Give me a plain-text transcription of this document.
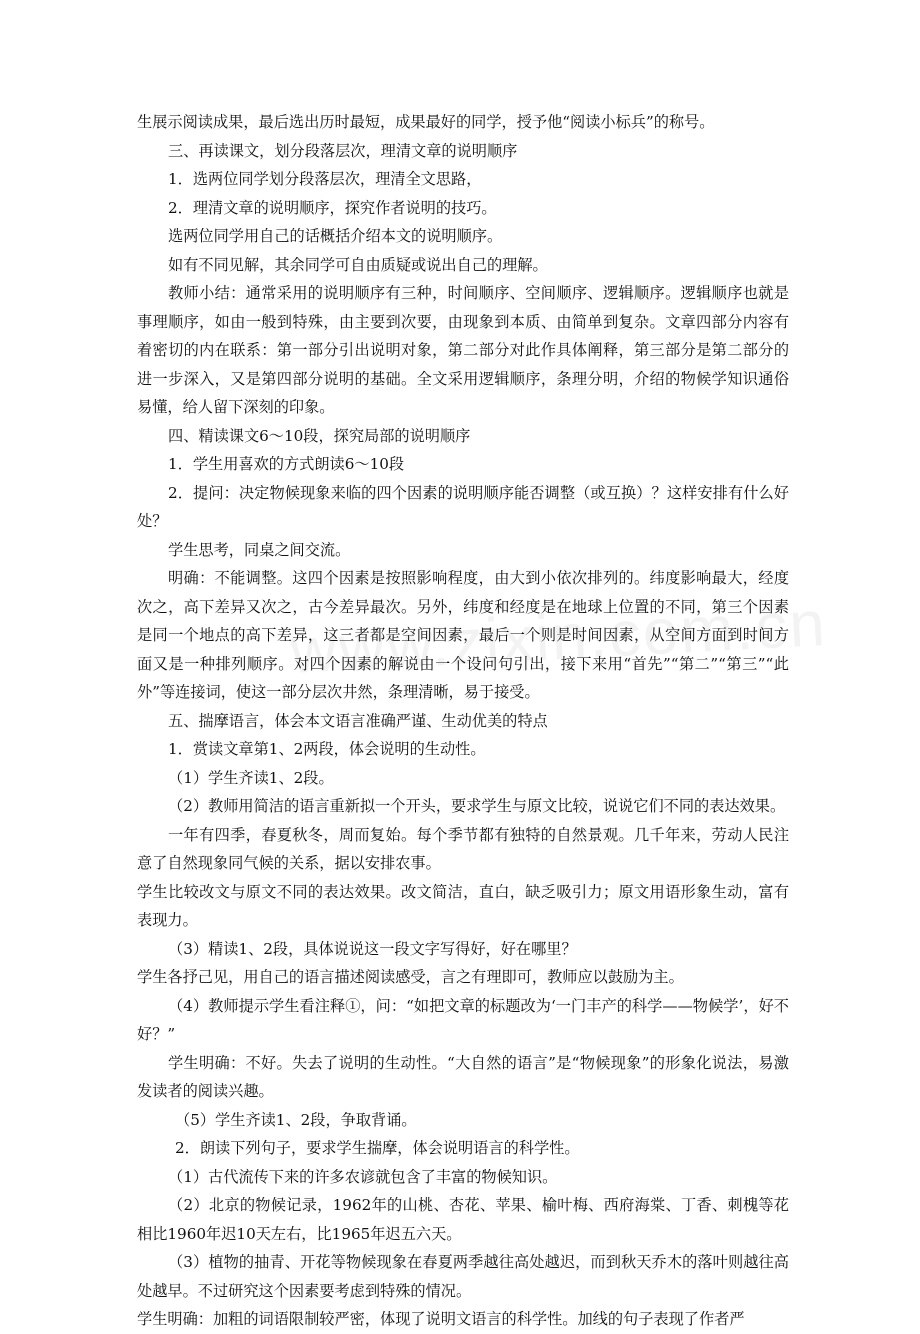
生展示阅读成果，最后选出历时最短，成果最好的同学，授予他“阅读小标兵”的称号。

三、再读课文，划分段落层次，理清文章的说明顺序

1．选两位同学划分段落层次，理清全文思路，

2．理清文章的说明顺序，探究作者说明的技巧。

选两位同学用自己的话概括介绍本文的说明顺序。

如有不同见解，其余同学可自由质疑或说出自己的理解。

教师小结：通常采用的说明顺序有三种，时间顺序、空间顺序、逻辑顺序。逻辑顺序也就是事理顺序，如由一般到特殊，由主要到次要，由现象到本质、由简单到复杂。文章四部分内容有着密切的内在联系：第一部分引出说明对象，第二部分对此作具体阐释，第三部分是第二部分的进一步深入，又是第四部分说明的基础。全文采用逻辑顺序，条理分明，介绍的物候学知识通俗易懂，给人留下深刻的印象。

四、精读课文6～10段，探究局部的说明顺序

1．学生用喜欢的方式朗读6～10段

2．提问：决定物候现象来临的四个因素的说明顺序能否调整（或互换）？这样安排有什么好处？

学生思考，同桌之间交流。

明确：不能调整。这四个因素是按照影响程度，由大到小依次排列的。纬度影响最大，经度次之，高下差异又次之，古今差异最次。另外，纬度和经度是在地球上位置的不同，第三个因素是同一个地点的高下差异，这三者都是空间因素，最后一个则是时间因素，从空间方面到时间方面又是一种排列顺序。对四个因素的解说由一个设问句引出，接下来用“首先”“第二”“第三”“此外”等连接词，使这一部分层次井然，条理清晰，易于接受。

五、揣摩语言，体会本文语言准确严谨、生动优美的特点

1．赏读文章第1、2两段，体会说明的生动性。

（1）学生齐读1、2段。

（2）教师用简洁的语言重新拟一个开头，要求学生与原文比较，说说它们不同的表达效果。

一年有四季，春夏秋冬，周而复始。每个季节都有独特的自然景观。几千年来，劳动人民注意了自然现象同气候的关系，据以安排农事。

学生比较改文与原文不同的表达效果。改文简洁，直白，缺乏吸引力；原文用语形象生动，富有表现力。

（3）精读1、2段，具体说说这一段文字写得好，好在哪里？

学生各抒己见，用自己的语言描述阅读感受，言之有理即可，教师应以鼓励为主。

（4）教师提示学生看注释①，问：“如把文章的标题改为‘一门丰产的科学——物候学’，好不好？”

学生明确：不好。失去了说明的生动性。“大自然的语言”是“物候现象”的形象化说法，易激发读者的阅读兴趣。

（5）学生齐读1、2段，争取背诵。

2．朗读下列句子，要求学生揣摩，体会说明语言的科学性。

（1）古代流传下来的许多农谚就包含了丰富的物候知识。

（2）北京的物候记录，1962年的山桃、杏花、苹果、榆叶梅、西府海棠、丁香、刺槐等花相比1960年迟10天左右，比1965年迟五六天。

（3）植物的抽青、开花等物候现象在春夏两季越往高处越迟，而到秋天乔木的落叶则越往高处越早。不过研究这个因素要考虑到特殊的情况。

学生明确：加粗的词语限制较严密，体现了说明文语言的科学性。加线的句子表现了作者严
